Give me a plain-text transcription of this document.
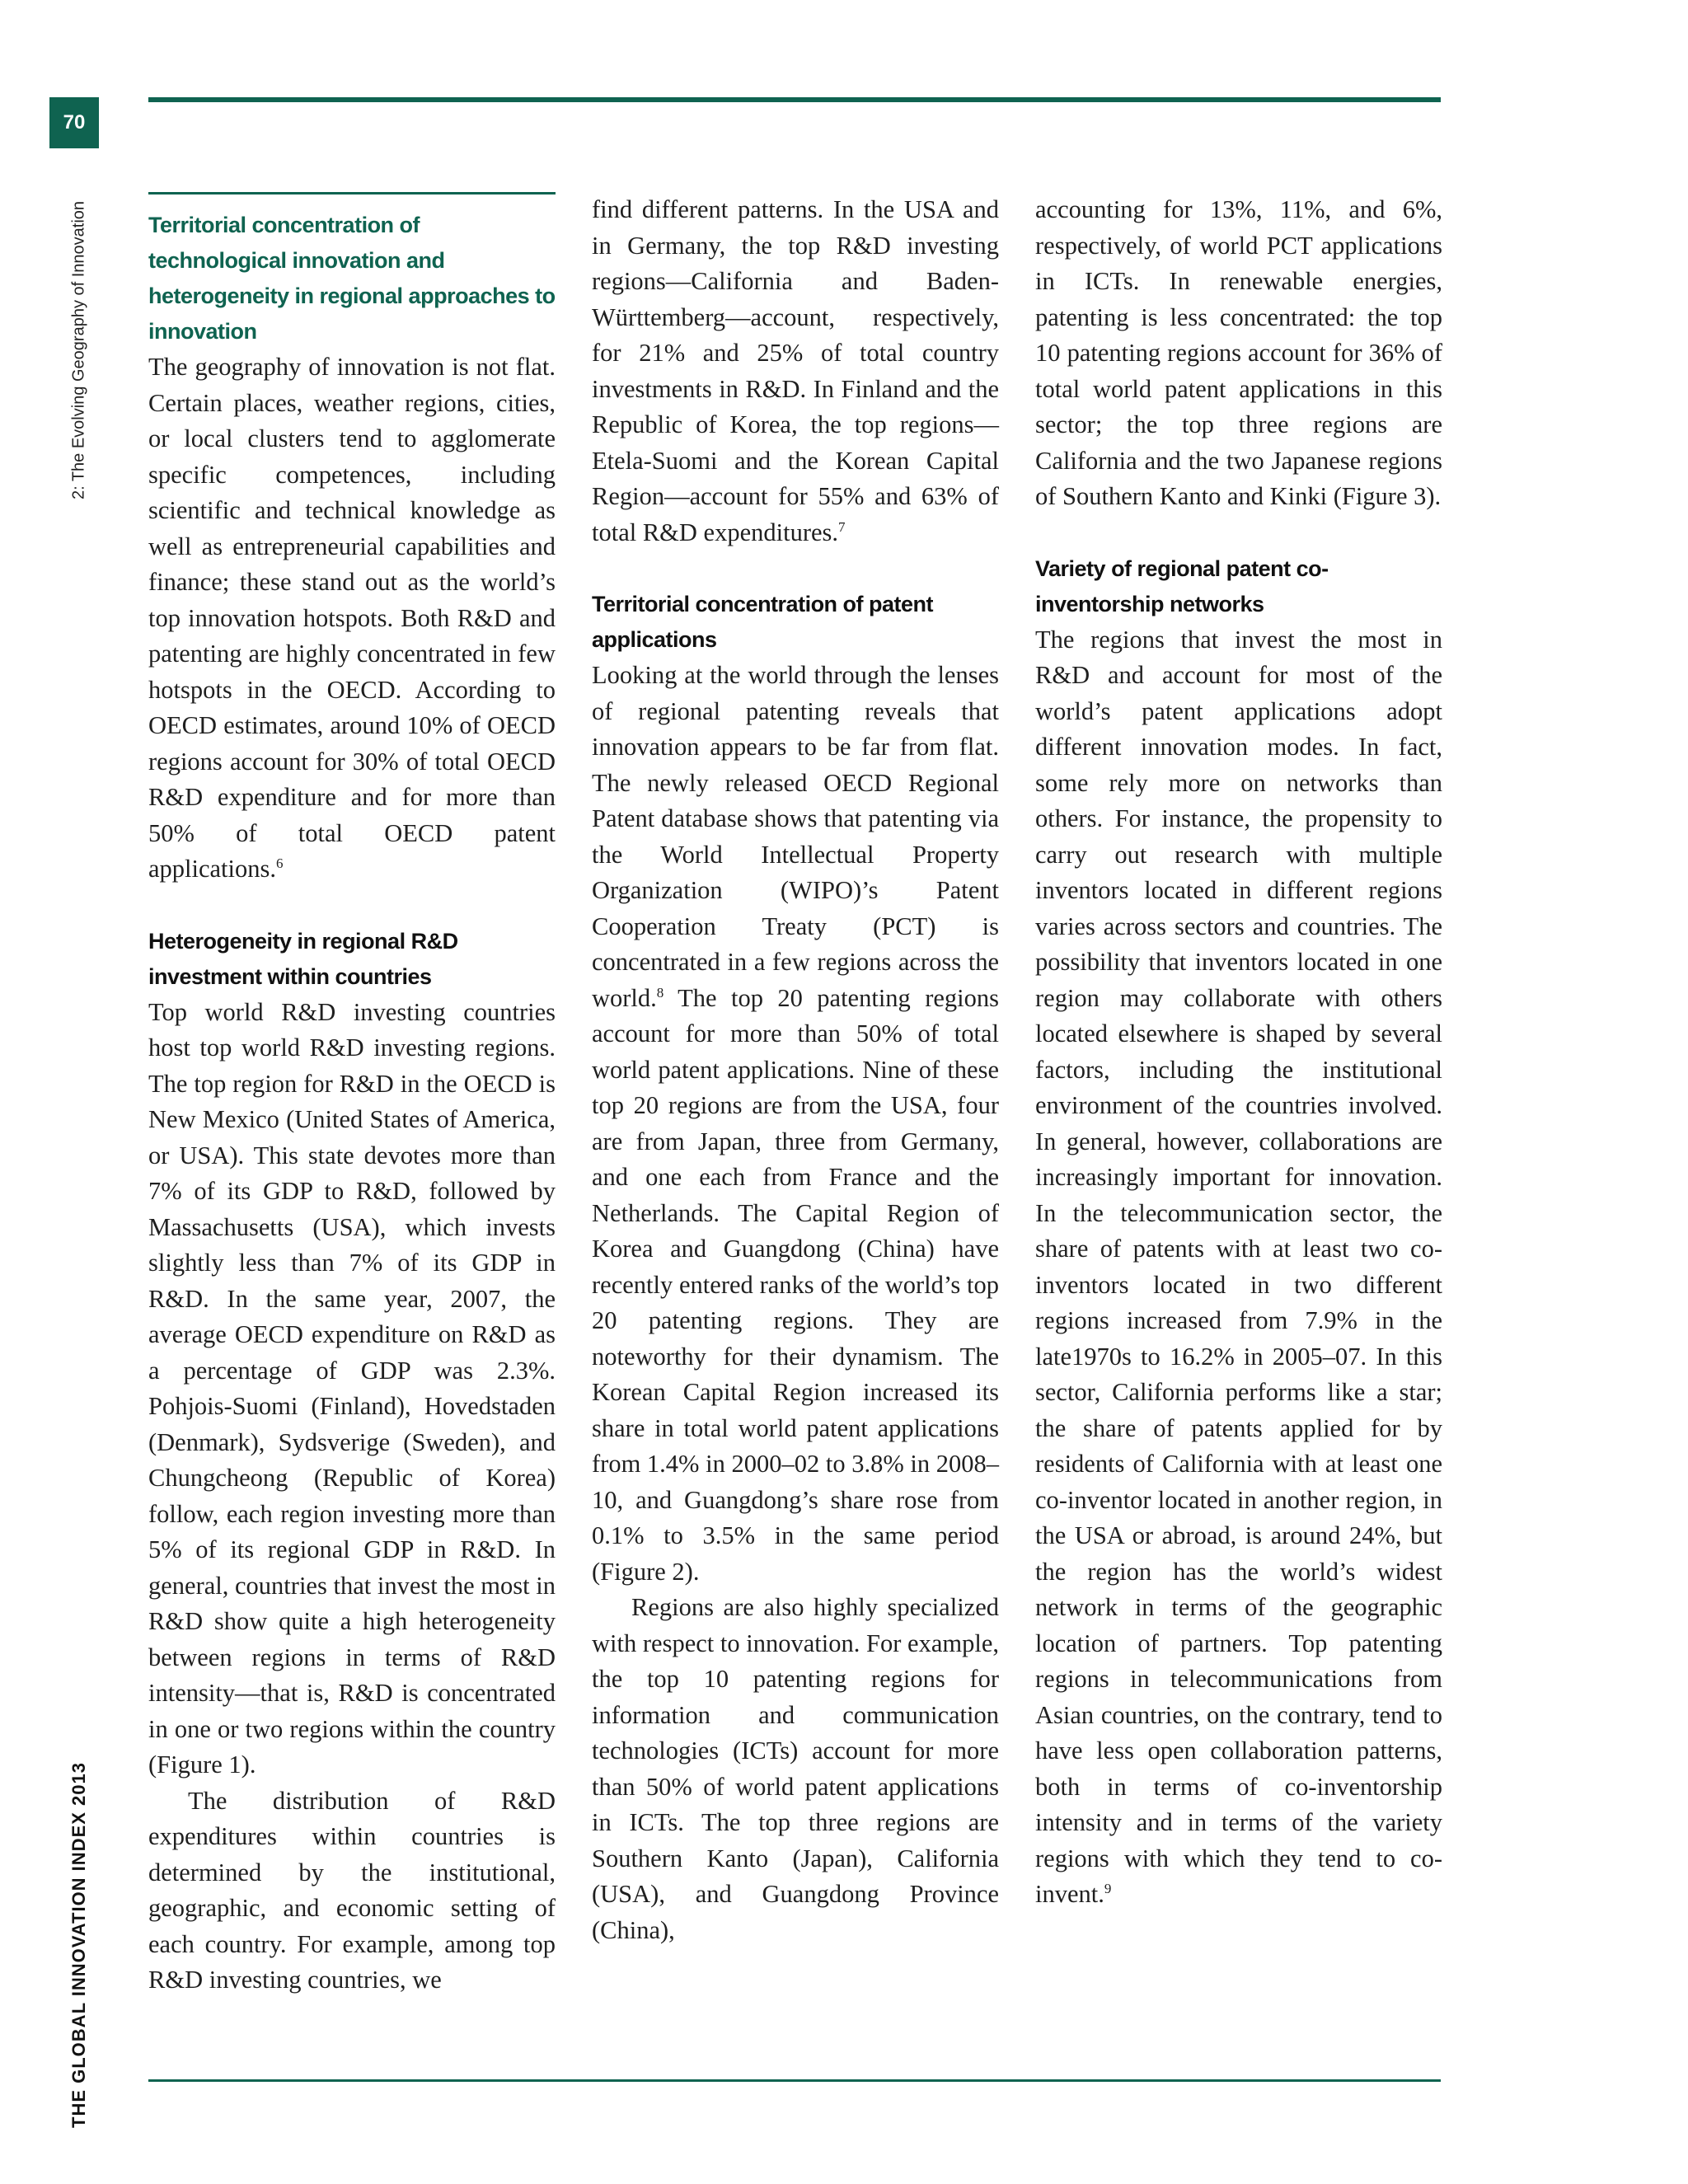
70
2: The Evolving Geography of Innovation
THE GLOBAL INNOVATION INDEX 2013
Territorial concentration of technological innovation and heterogeneity in regional approaches to innovation

The geography of innovation is not flat. Certain places, weather regions, cities, or local clusters tend to agglomerate specific competences, including scientific and technical knowledge as well as entrepreneurial capabilities and finance; these stand out as the world’s top innovation hotspots. Both R&D and patenting are highly concentrated in few hotspots in the OECD. According to OECD estimates, around 10% of OECD regions account for 30% of total OECD R&D expenditure and for more than 50% of total OECD patent applications.$^6$

Heterogeneity in regional R&D investment within countries

Top world R&D investing countries host top world R&D investing regions. The top region for R&D in the OECD is New Mexico (United States of America, or USA). This state devotes more than 7% of its GDP to R&D, followed by Massachusetts (USA), which invests slightly less than 7% of its GDP in R&D. In the same year, 2007, the average OECD expenditure on R&D as a percentage of GDP was 2.3%. Pohjois-Suomi (Finland), Hovedstaden (Denmark), Sydsverige (Sweden), and Chungcheong (Republic of Korea) follow, each region investing more than 5% of its regional GDP in R&D. In general, countries that invest the most in R&D show quite a high heterogeneity between regions in terms of R&D intensity—that is, R&D is concentrated in one or two regions within the country (Figure 1).

The distribution of R&D expenditures within countries is determined by the institutional, geographic, and economic setting of each country. For example, among top R&D investing countries, we

find different patterns. In the USA and in Germany, the top R&D investing regions—California and Baden-Württemberg—account, respectively, for 21% and 25% of total country investments in R&D. In Finland and the Republic of Korea, the top regions—Etela-Suomi and the Korean Capital Region—account for 55% and 63% of total R&D expenditures.$^7$

Territorial concentration of patent applications

Looking at the world through the lenses of regional patenting reveals that innovation appears to be far from flat. The newly released OECD Regional Patent database shows that patenting via the World Intellectual Property Organization (WIPO)’s Patent Cooperation Treaty (PCT) is concentrated in a few regions across the world.$^8$ The top 20 patenting regions account for more than 50% of total world patent applications. Nine of these top 20 regions are from the USA, four are from Japan, three from Germany, and one each from France and the Netherlands. The Capital Region of Korea and Guangdong (China) have recently entered ranks of the world’s top 20 patenting regions. They are noteworthy for their dynamism. The Korean Capital Region increased its share in total world patent applications from 1.4% in 2000–02 to 3.8% in 2008–10, and Guangdong’s share rose from 0.1% to 3.5% in the same period (Figure 2).

Regions are also highly specialized with respect to innovation. For example, the top 10 patenting regions for information and communication technologies (ICTs) account for more than 50% of world patent applications in ICTs. The top three regions are Southern Kanto (Japan), California (USA), and Guangdong Province (China),

accounting for 13%, 11%, and 6%, respectively, of world PCT applications in ICTs. In renewable energies, patenting is less concentrated: the top 10 patenting regions account for 36% of total world patent applications in this sector; the top three regions are California and the two Japanese regions of Southern Kanto and Kinki (Figure 3).

Variety of regional patent co-inventorship networks

The regions that invest the most in R&D and account for most of the world’s patent applications adopt different innovation modes. In fact, some rely more on networks than others. For instance, the propensity to carry out research with multiple inventors located in different regions varies across sectors and countries. The possibility that inventors located in one region may collaborate with others located elsewhere is shaped by several factors, including the institutional environment of the countries involved. In general, however, collaborations are increasingly important for innovation. In the telecommunication sector, the share of patents with at least two co-inventors located in two different regions increased from 7.9% in the late1970s to 16.2% in 2005–07. In this sector, California performs like a star; the share of patents applied for by residents of California with at least one co-inventor located in another region, in the USA or abroad, is around 24%, but the region has the world’s widest network in terms of the geographic location of partners. Top patenting regions in telecommunications from Asian countries, on the contrary, tend to have less open collaboration patterns, both in terms of co-inventorship intensity and in terms of the variety regions with which they tend to co-invent.$^9$
